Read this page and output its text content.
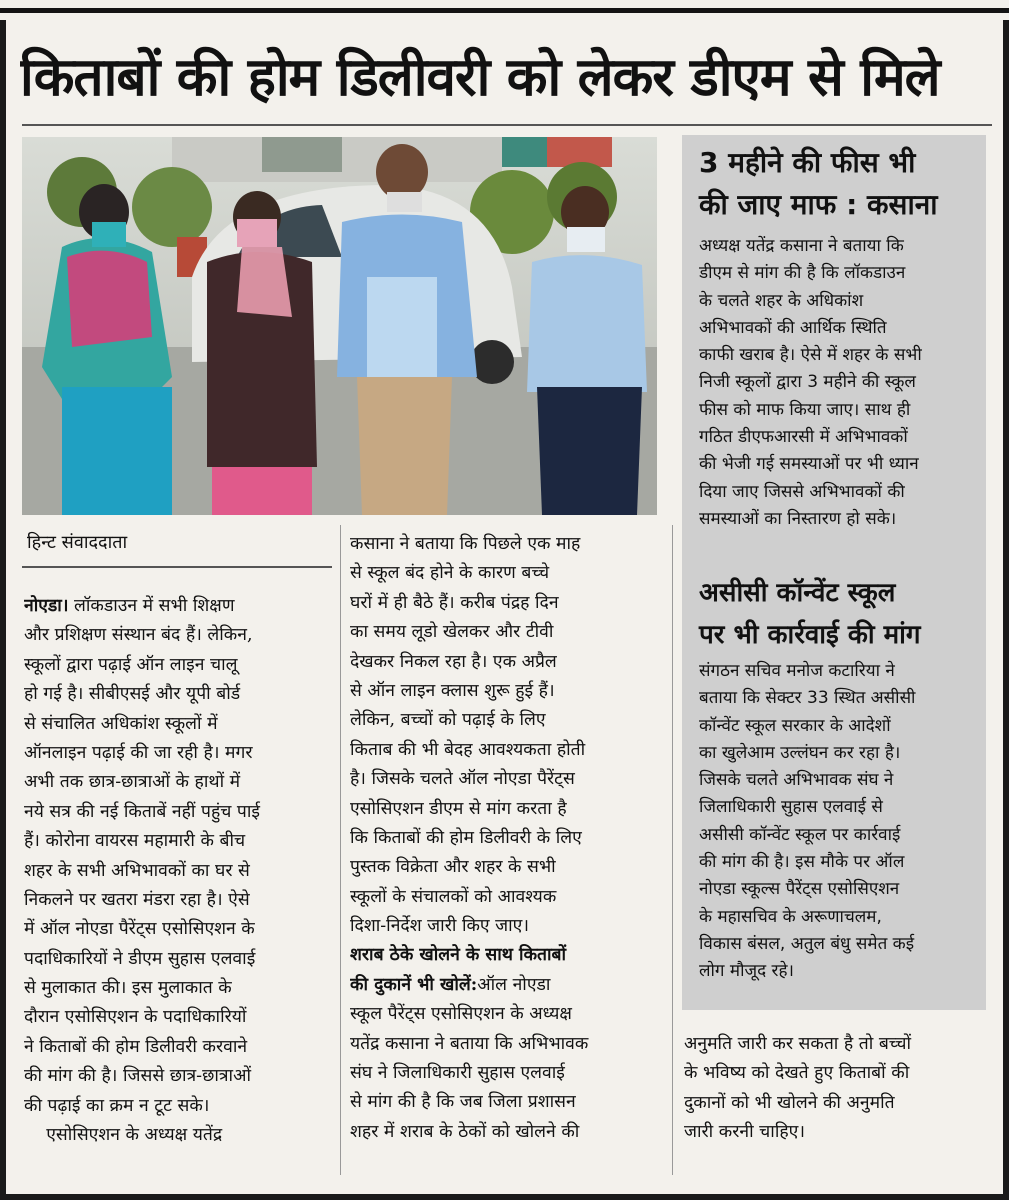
किताबों की होम डिलीवरी को लेकर डीएम से मिले
3 महीने की फीस भी
की जाए माफ : कसाना
अध्यक्ष यतेंद्र कसाना ने बताया कि
डीएम से मांग की है कि लॉकडाउन
के चलते शहर के अधिकांश
अभिभावकों की आर्थिक स्थिति
काफी खराब है। ऐसे में शहर के सभी
निजी स्कूलों द्वारा 3 महीने की स्कूल
फीस को माफ किया जाए। साथ ही
गठित डीएफआरसी में अभिभावकों
की भेजी गई समस्याओं पर भी ध्यान
दिया जाए जिससे अभिभावकों की
समस्याओं का निस्तारण हो सके।
असीसी कॉन्वेंट स्कूल
पर भी कार्रवाई की मांग
संगठन सचिव मनोज कटारिया ने
बताया कि सेक्टर 33 स्थित असीसी
कॉन्वेंट स्कूल सरकार के आदेशों
का खुलेआम उल्लंघन कर रहा है।
जिसके चलते अभिभावक संघ ने
जिलाधिकारी सुहास एलवाई से
असीसी कॉन्वेंट स्कूल पर कार्रवाई
की मांग की है। इस मौके पर ऑल
नोएडा स्कूल्स पैरेंट्स एसोसिएशन
के महासचिव के अरूणाचलम,
विकास बंसल, अतुल बंधु समेत कई
लोग मौजूद रहे।
हिन्ट संवाददाता
नोएडा। लॉकडाउन में सभी शिक्षण
और प्रशिक्षण संस्थान बंद हैं। लेकिन,
स्कूलों द्वारा पढ़ाई ऑन लाइन चालू
हो गई है। सीबीएसई और यूपी बोर्ड
से संचालित अधिकांश स्कूलों में
ऑनलाइन पढ़ाई की जा रही है। मगर
अभी तक छात्र-छात्राओं के हाथों में
नये सत्र की नई किताबें नहीं पहुंच पाई
हैं। कोरोना वायरस महामारी के बीच
शहर के सभी अभिभावकों का घर से
निकलने पर खतरा मंडरा रहा है। ऐसे
में ऑल नोएडा पैरेंट्स एसोसिएशन के
पदाधिकारियों ने डीएम सुहास एलवाई
से मुलाकात की। इस मुलाकात के
दौरान एसोसिएशन के पदाधिकारियों
ने किताबों की होम डिलीवरी करवाने
की मांग की है। जिससे छात्र-छात्राओं
की पढ़ाई का क्रम न टूट सके।
एसोसिएशन के अध्यक्ष यतेंद्र
कसाना ने बताया कि पिछले एक माह
से स्कूल बंद होने के कारण बच्चे
घरों में ही बैठे हैं। करीब पंद्रह दिन
का समय लूडो खेलकर और टीवी
देखकर निकल रहा है। एक अप्रैल
से ऑन लाइन क्लास शुरू हुई हैं।
लेकिन, बच्चों को पढ़ाई के लिए
किताब की भी बेदह आवश्यकता होती
है। जिसके चलते ऑल नोएडा पैरेंट्स
एसोसिएशन डीएम से मांग करता है
कि किताबों की होम डिलीवरी के लिए
पुस्तक विक्रेता और शहर के सभी
स्कूलों के संचालकों को आवश्यक
दिशा-निर्देश जारी किए जाए।
शराब ठेके खोलने के साथ किताबों
की दुकानें भी खोलें:ऑल नोएडा
स्कूल पैरेंट्स एसोसिएशन के अध्यक्ष
यतेंद्र कसाना ने बताया कि अभिभावक
संघ ने जिलाधिकारी सुहास एलवाई
से मांग की है कि जब जिला प्रशासन
शहर में शराब के ठेकों को खोलने की
अनुमति जारी कर सकता है तो बच्चों
के भविष्य को देखते हुए किताबों की
दुकानों को भी खोलने की अनुमति
जारी करनी चाहिए।
